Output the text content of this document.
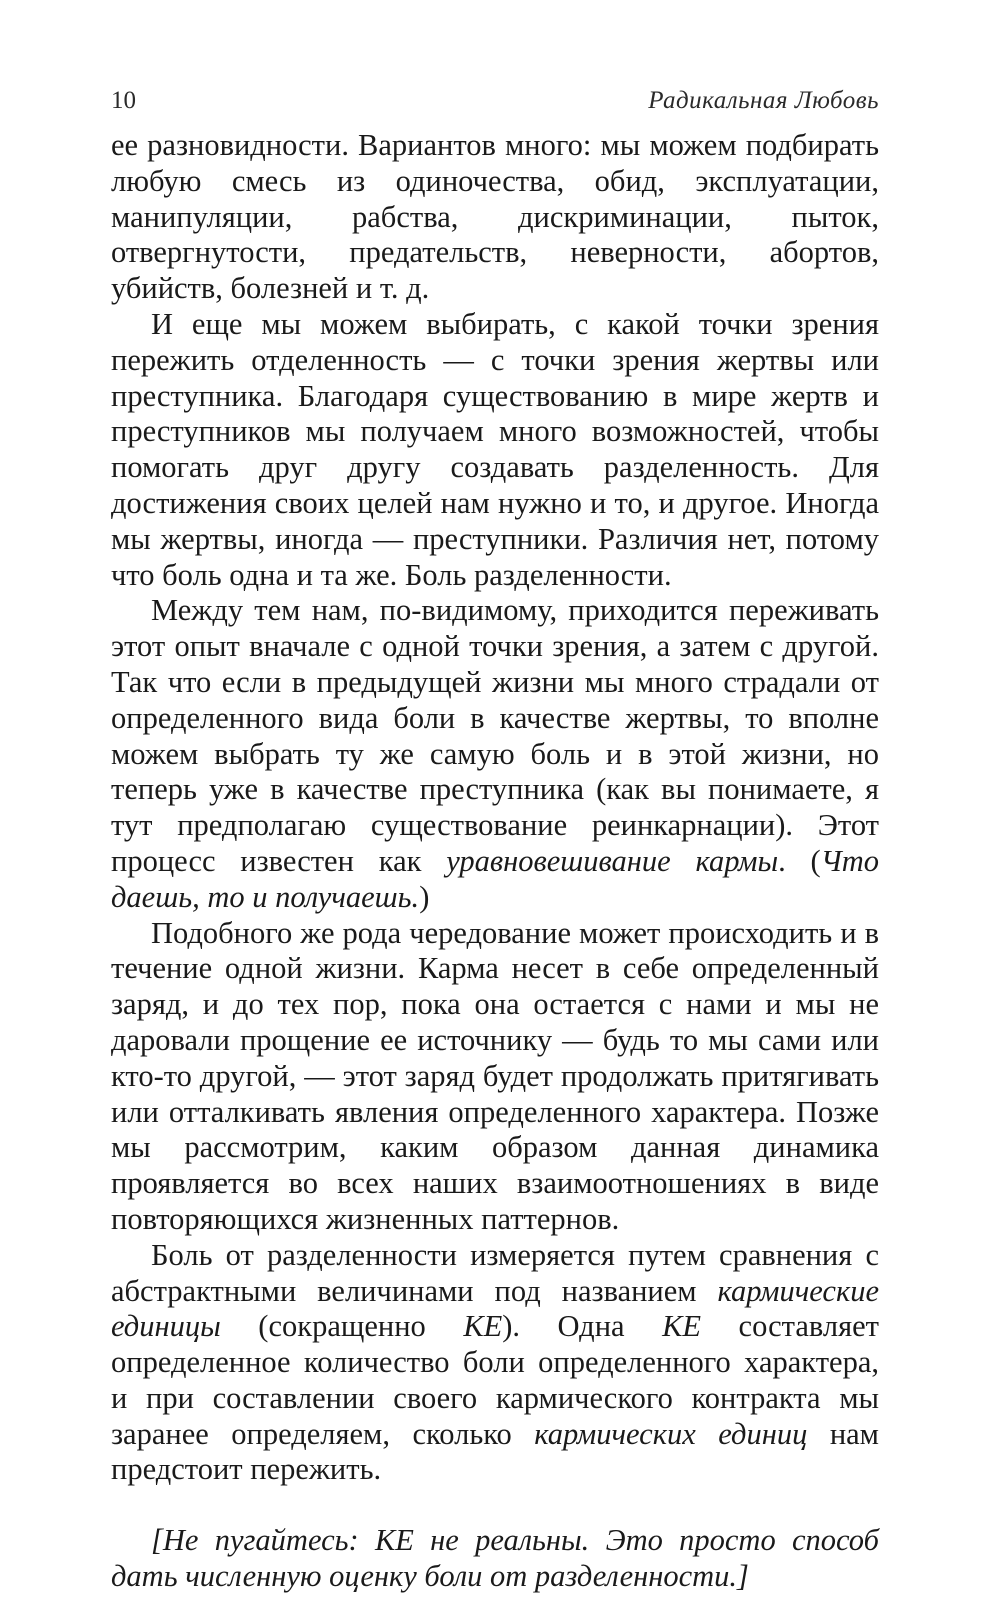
10	Радикальная Любовь

ее разновидности. Вариантов много: мы можем подбирать любую смесь из одиночества, обид, эксплуатации, манипуляции, рабства, дискриминации, пыток, отвергнутости, предательств, неверности, абортов, убийств, болезней и т. д.

И еще мы можем выбирать, с какой точки зрения пережить отделенность — с точки зрения жертвы или преступника. Благодаря существованию в мире жертв и преступников мы получаем много возможностей, чтобы помогать друг другу создавать разделенность. Для достижения своих целей нам нужно и то, и другое. Иногда мы жертвы, иногда — преступники. Различия нет, потому что боль одна и та же. Боль разделенности.

Между тем нам, по-видимому, приходится переживать этот опыт вначале с одной точки зрения, а затем с другой. Так что если в предыдущей жизни мы много страдали от определенного вида боли в качестве жертвы, то вполне можем выбрать ту же самую боль и в этой жизни, но теперь уже в качестве преступника (как вы понимаете, я тут предполагаю существование реинкарнации). Этот процесс известен как уравновешивание кармы. (Что даешь, то и получаешь.)

Подобного же рода чередование может происходить и в течение одной жизни. Карма несет в себе определенный заряд, и до тех пор, пока она остается с нами и мы не даровали прощение ее источнику — будь то мы сами или кто-то другой, — этот заряд будет продолжать притягивать или отталкивать явления определенного характера. Позже мы рассмотрим, каким образом данная динамика проявляется во всех наших взаимоотношениях в виде повторяющихся жизненных паттернов.

Боль от разделенности измеряется путем сравнения с абстрактными величинами под названием кармические единицы (сокращенно КЕ). Одна КЕ составляет определенное количество боли определенного характера, и при составлении своего кармического контракта мы заранее определяем, сколько кармических единиц нам предстоит пережить.

[Не пугайтесь: КЕ не реальны. Это просто способ дать численную оценку боли от разделенности.]
